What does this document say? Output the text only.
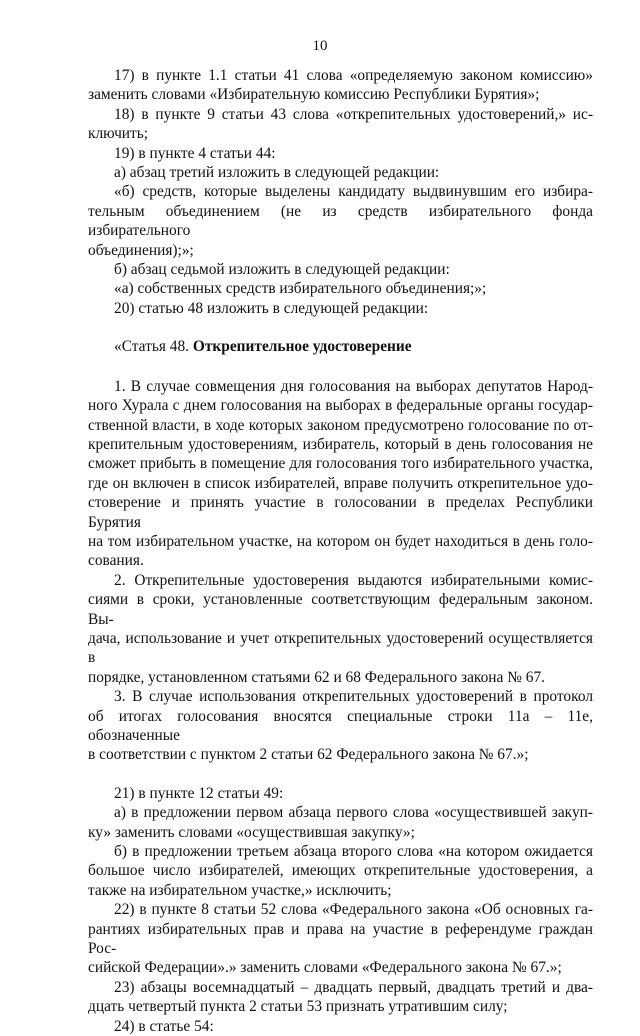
10
17) в пункте 1.1 статьи 41 слова «определяемую законом комиссию»
заменить словами «Избирательную комиссию Республики Бурятия»;
18) в пункте 9 статьи 43 слова «открепительных удостоверений,» ис-
ключить;
19) в пункте 4 статьи 44:
а) абзац третий изложить в следующей редакции:
«б) средств, которые выделены кандидату выдвинувшим его избира-
тельным объединением (не из средств избирательного фонда избирательного
объединения);»;
б) абзац седьмой изложить в следующей редакции:
«а) собственных средств избирательного объединения;»;
20) статью 48 изложить в следующей редакции:

«Статья 48. Открепительное удостоверение

1. В случае совмещения дня голосования на выборах депутатов Народ-
ного Хурала с днем голосования на выборах в федеральные органы государ-
ственной власти, в ходе которых законом предусмотрено голосование по от-
крепительным удостоверениям, избиратель, который в день голосования не
сможет прибыть в помещение для голосования того избирательного участка,
где он включен в список избирателей, вправе получить открепительное удо-
стоверение и принять участие в голосовании в пределах Республики Бурятия
на том избирательном участке, на котором он будет находиться в день голо-
сования.
2. Открепительные удостоверения выдаются избирательными комис-
сиями в сроки, установленные соответствующим федеральным законом. Вы-
дача, использование и учет открепительных удостоверений осуществляется в
порядке, установленном статьями 62 и 68 Федерального закона № 67.
3. В случае использования открепительных удостоверений в протокол
об итогах голосования вносятся специальные строки 11а – 11е, обозначенные
в соответствии с пунктом 2 статьи 62 Федерального закона № 67.»;
21) в пункте 12 статьи 49:
а) в предложении первом абзаца первого слова «осуществившей закуп-
ку» заменить словами «осуществившая закупку»;
б) в предложении третьем абзаца второго слова «на котором ожидается
большое число избирателей, имеющих открепительные удостоверения, а
также на избирательном участке,» исключить;
22) в пункте 8 статьи 52 слова «Федерального закона «Об основных га-
рантиях избирательных прав и права на участие в референдуме граждан Рос-
сийской Федерации».» заменить словами «Федерального закона № 67.»;
23) абзацы восемнадцатый – двадцать первый, двадцать третий и два-
дцать четвертый пункта 2 статьи 53 признать утратившим силу;
24) в статье 54:
